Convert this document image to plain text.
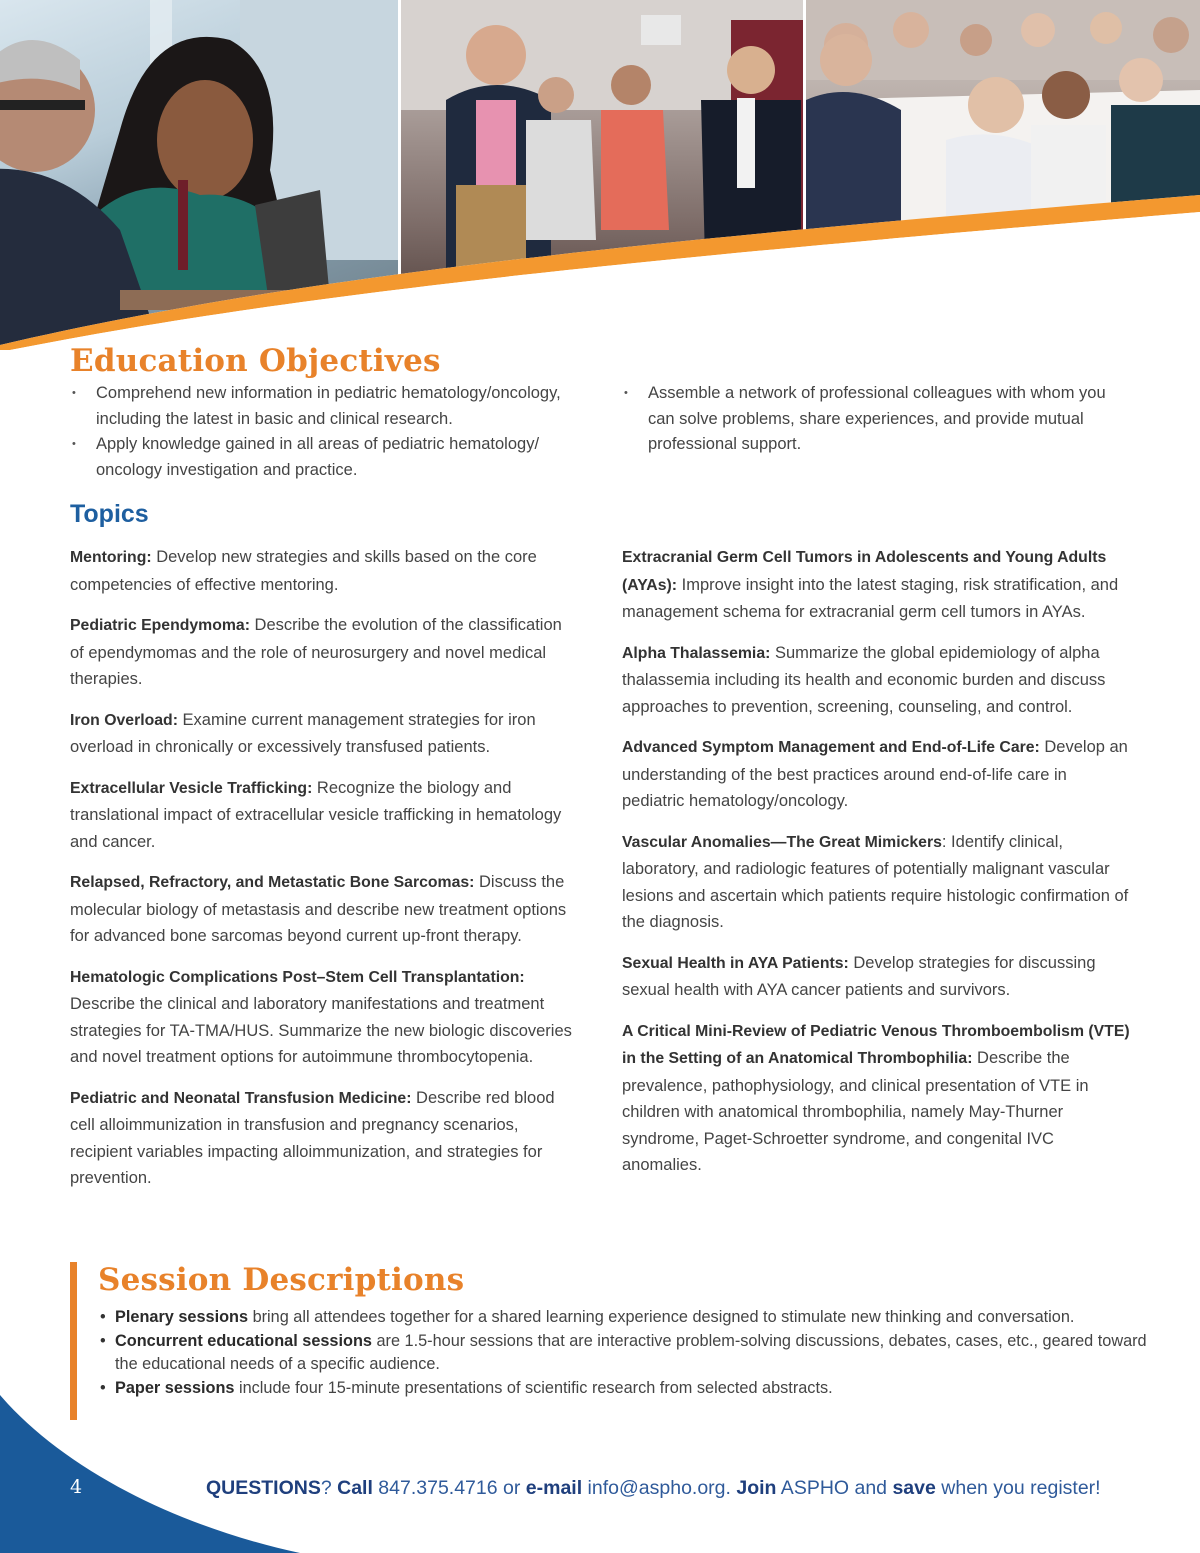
Education Objectives
• Comprehend new information in pediatric hematology/oncology, including the latest in basic and clinical research.
• Apply knowledge gained in all areas of pediatric hematology/ oncology investigation and practice.
• Assemble a network of professional colleagues with whom you can solve problems, share experiences, and provide mutual professional support.
Topics

Mentoring: Develop new strategies and skills based on the core competencies of effective mentoring.

Pediatric Ependymoma: Describe the evolution of the classification of ependymomas and the role of neurosurgery and novel medical therapies.

Iron Overload: Examine current management strategies for iron overload in chronically or excessively transfused patients.

Extracellular Vesicle Trafficking: Recognize the biology and translational impact of extracellular vesicle trafficking in hematology and cancer.

Relapsed, Refractory, and Metastatic Bone Sarcomas: Discuss the molecular biology of metastasis and describe new treatment options for advanced bone sarcomas beyond current up-front therapy.

Hematologic Complications Post–Stem Cell Transplantation: Describe the clinical and laboratory manifestations and treatment strategies for TA-TMA/HUS. Summarize the new biologic discoveries and novel treatment options for autoimmune thrombocytopenia.

Pediatric and Neonatal Transfusion Medicine: Describe red blood cell alloimmunization in transfusion and pregnancy scenarios, recipient variables impacting alloimmunization, and strategies for prevention.

Extracranial Germ Cell Tumors in Adolescents and Young Adults (AYAs): Improve insight into the latest staging, risk stratification, and management schema for extracranial germ cell tumors in AYAs.

Alpha Thalassemia: Summarize the global epidemiology of alpha thalassemia including its health and economic burden and discuss approaches to prevention, screening, counseling, and control.

Advanced Symptom Management and End-of-Life Care: Develop an understanding of the best practices around end-of-life care in pediatric hematology/oncology.

Vascular Anomalies—The Great Mimickers: Identify clinical, laboratory, and radiologic features of potentially malignant vascular lesions and ascertain which patients require histologic confirmation of the diagnosis.

Sexual Health in AYA Patients: Develop strategies for discussing sexual health with AYA cancer patients and survivors.

A Critical Mini-Review of Pediatric Venous Thromboembolism (VTE) in the Setting of an Anatomical Thrombophilia: Describe the prevalence, pathophysiology, and clinical presentation of VTE in children with anatomical thrombophilia, namely May-Thurner syndrome, Paget-Schroetter syndrome, and congenital IVC anomalies.

Session Descriptions
• Plenary sessions bring all attendees together for a shared learning experience designed to stimulate new thinking and conversation.
• Concurrent educational sessions are 1.5-hour sessions that are interactive problem-solving discussions, debates, cases, etc., geared toward the educational needs of a specific audience.
• Paper sessions include four 15-minute presentations of scientific research from selected abstracts.
4	QUESTIONS? Call 847.375.4716 or e-mail info@aspho.org. Join ASPHO and save when you register!
